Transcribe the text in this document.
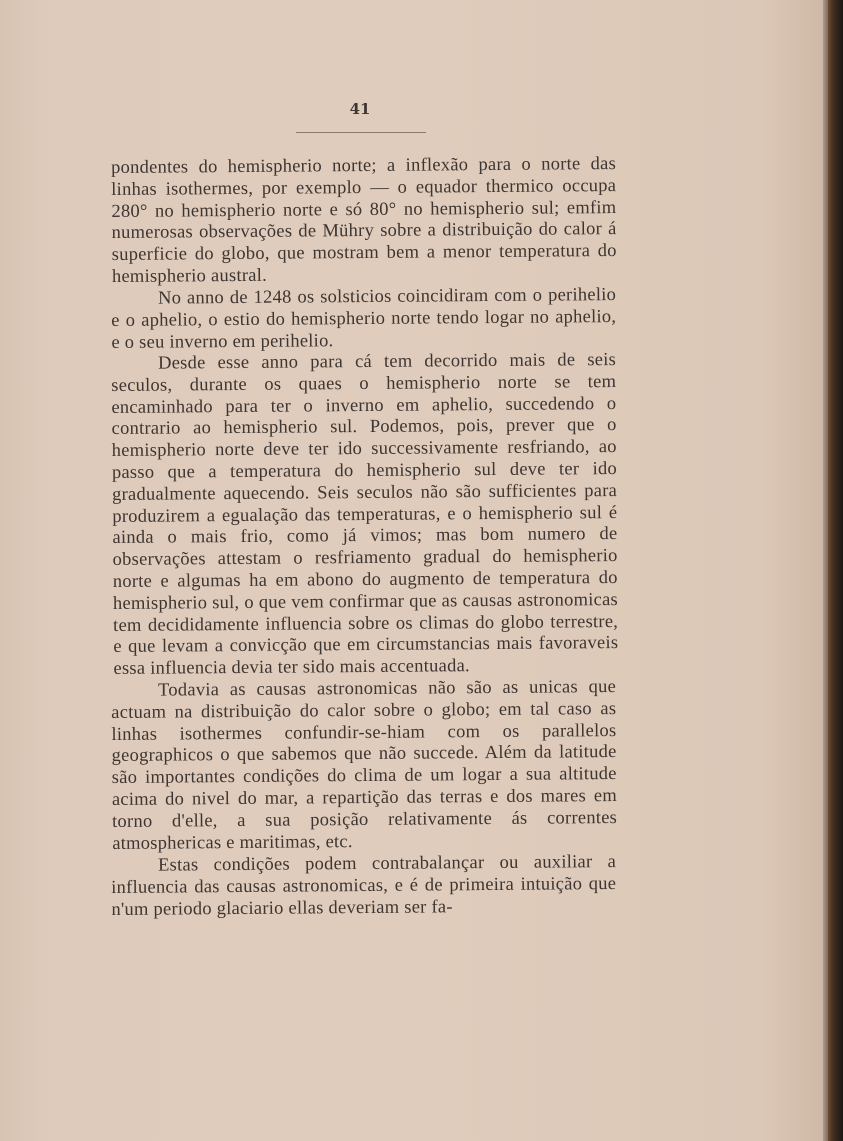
41

pondentes do hemispherio norte; a inflexão para o norte das linhas isothermes, por exemplo — o equador thermico occupa 280° no hemispherio norte e só 80° no hemispherio sul; emfim numerosas observações de Mühry sobre a distribuição do calor á superficie do globo, que mostram bem a menor temperatura do hemispherio austral.

No anno de 1248 os solsticios coincidiram com o perihelio e o aphelio, o estio do hemispherio norte tendo logar no aphelio, e o seu inverno em perihelio.

Desde esse anno para cá tem decorrido mais de seis seculos, durante os quaes o hemispherio norte se tem encaminhado para ter o inverno em aphelio, succedendo o contrario ao hemispherio sul. Podemos, pois, prever que o hemispherio norte deve ter ido successivamente resfriando, ao passo que a temperatura do hemispherio sul deve ter ido gradualmente aquecendo. Seis seculos não são sufficientes para produzirem a egualação das temperaturas, e o hemispherio sul é ainda o mais frio, como já vimos; mas bom numero de observações attestam o resfriamento gradual do hemispherio norte e algumas ha em abono do augmento de temperatura do hemispherio sul, o que vem confirmar que as causas astronomicas tem decididamente influencia sobre os climas do globo terrestre, e que levam a convicção que em circumstancias mais favoraveis essa influencia devia ter sido mais accentuada.

Todavia as causas astronomicas não são as unicas que actuam na distribuição do calor sobre o globo; em tal caso as linhas isothermes confundir-se-hiam com os parallelos geographicos o que sabemos que não succede. Além da latitude são importantes condições do clima de um logar a sua altitude acima do nivel do mar, a repartição das terras e dos mares em torno d'elle, a sua posição relativamente ás correntes atmosphericas e maritimas, etc.

Estas condições podem contrabalançar ou auxiliar a influencia das causas astronomicas, e é de primeira intuição que n'um periodo glaciario ellas deveriam ser fa-
